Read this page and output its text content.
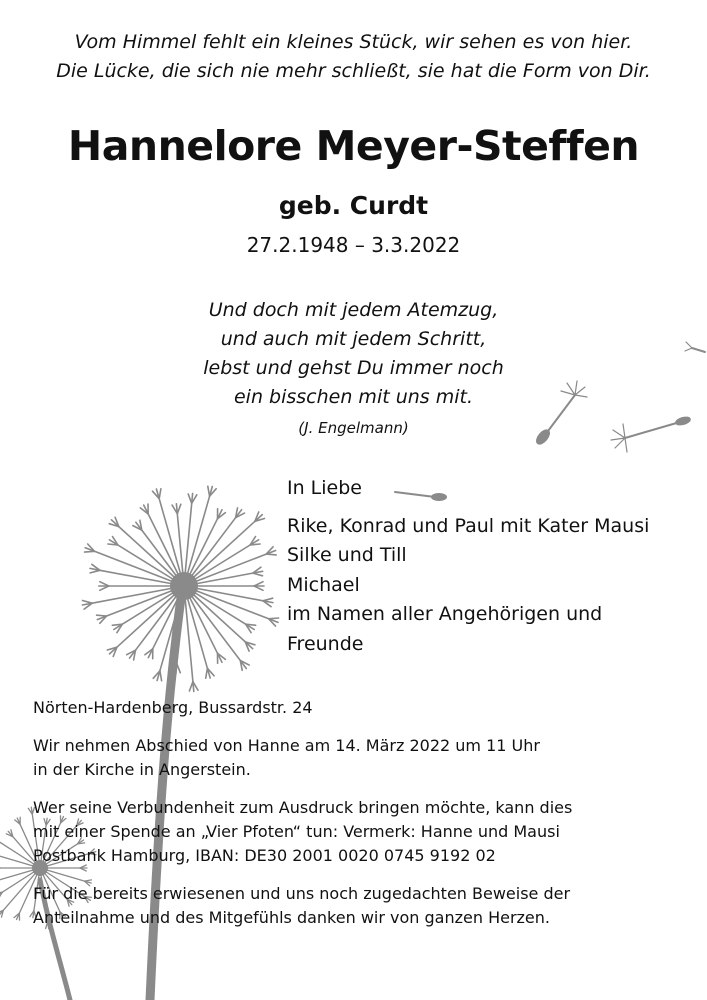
Vom Himmel fehlt ein kleines Stück, wir sehen es von hier.
Die Lücke, die sich nie mehr schließt, sie hat die Form von Dir.
Hannelore Meyer-Steffen
geb. Curdt
27.2.1948 – 3.3.2022
Und doch mit jedem Atemzug,
und auch mit jedem Schritt,
lebst und gehst Du immer noch
ein bisschen mit uns mit.
(J. Engelmann)
In Liebe
Rike, Konrad und Paul mit Kater Mausi
Silke und Till
Michael
im Namen aller Angehörigen und
Freunde

Nörten-Hardenberg, Bussardstr. 24

Wir nehmen Abschied von Hanne am 14. März 2022 um 11 Uhr
in der Kirche in Angerstein.

Wer seine Verbundenheit zum Ausdruck bringen möchte, kann dies
mit einer Spende an „Vier Pfoten“ tun: Vermerk: Hanne und Mausi
Postbank Hamburg, IBAN: DE30 2001 0020 0745 9192 02

Für die bereits erwiesenen und uns noch zugedachten Beweise der
Anteilnahme und des Mitgefühls danken wir von ganzen Herzen.
